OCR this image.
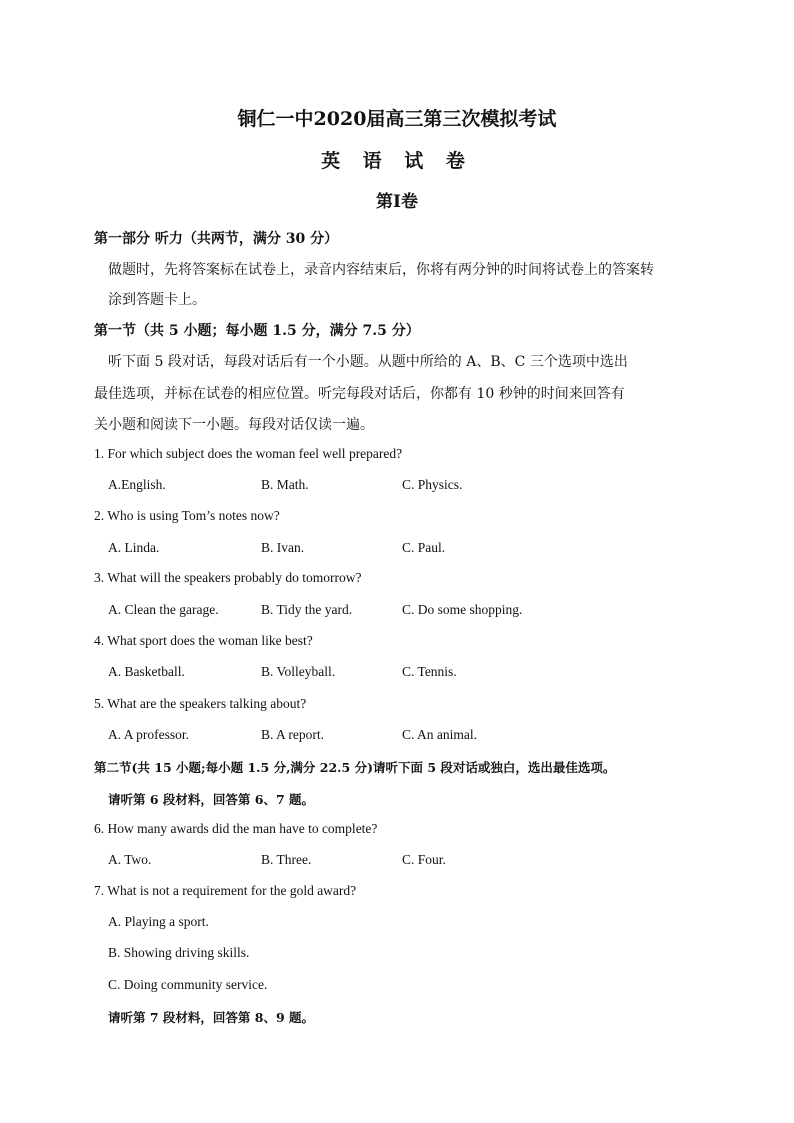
铜仁一中2020届高三第三次模拟考试
英 语 试 卷
第Ⅰ卷
第一部分 听力（共两节，满分 30 分）
做题时，先将答案标在试卷上，录音内容结束后，你将有两分钟的时间将试卷上的答案转
涂到答题卡上。
第一节（共 5 小题；每小题 1.5 分，满分 7.5 分）
听下面 5 段对话，每段对话后有一个小题。从题中所给的 A、B、C 三个选项中选出
最佳选项，并标在试卷的相应位置。听完每段对话后，你都有 10 秒钟的时间来回答有
关小题和阅读下一小题。每段对话仅读一遍。
1. For which subject does the woman feel well prepared?
A.English.	B. Math.	C. Physics.
2. Who is using Tom’s notes now?
A. Linda.	B. Ivan.	C. Paul.
3. What will the speakers probably do tomorrow?
A. Clean the garage.	B. Tidy the yard.	C. Do some shopping.
4. What sport does the woman like best?
A. Basketball.	B. Volleyball.	C. Tennis.
5. What are the speakers talking about?
A. A professor.	B. A report.	C. An animal.
第二节(共 15 小题;每小题 1.5 分,满分 22.5 分)请听下面 5 段对话或独白，选出最佳选项。
请听第 6 段材料，回答第 6、7 题。
6. How many awards did the man have to complete?
A. Two.	B. Three.	C. Four.
7. What is not a requirement for the gold award?
A. Playing a sport.
B. Showing driving skills.
C. Doing community service.
请听第 7 段材料，回答第 8、9 题。
